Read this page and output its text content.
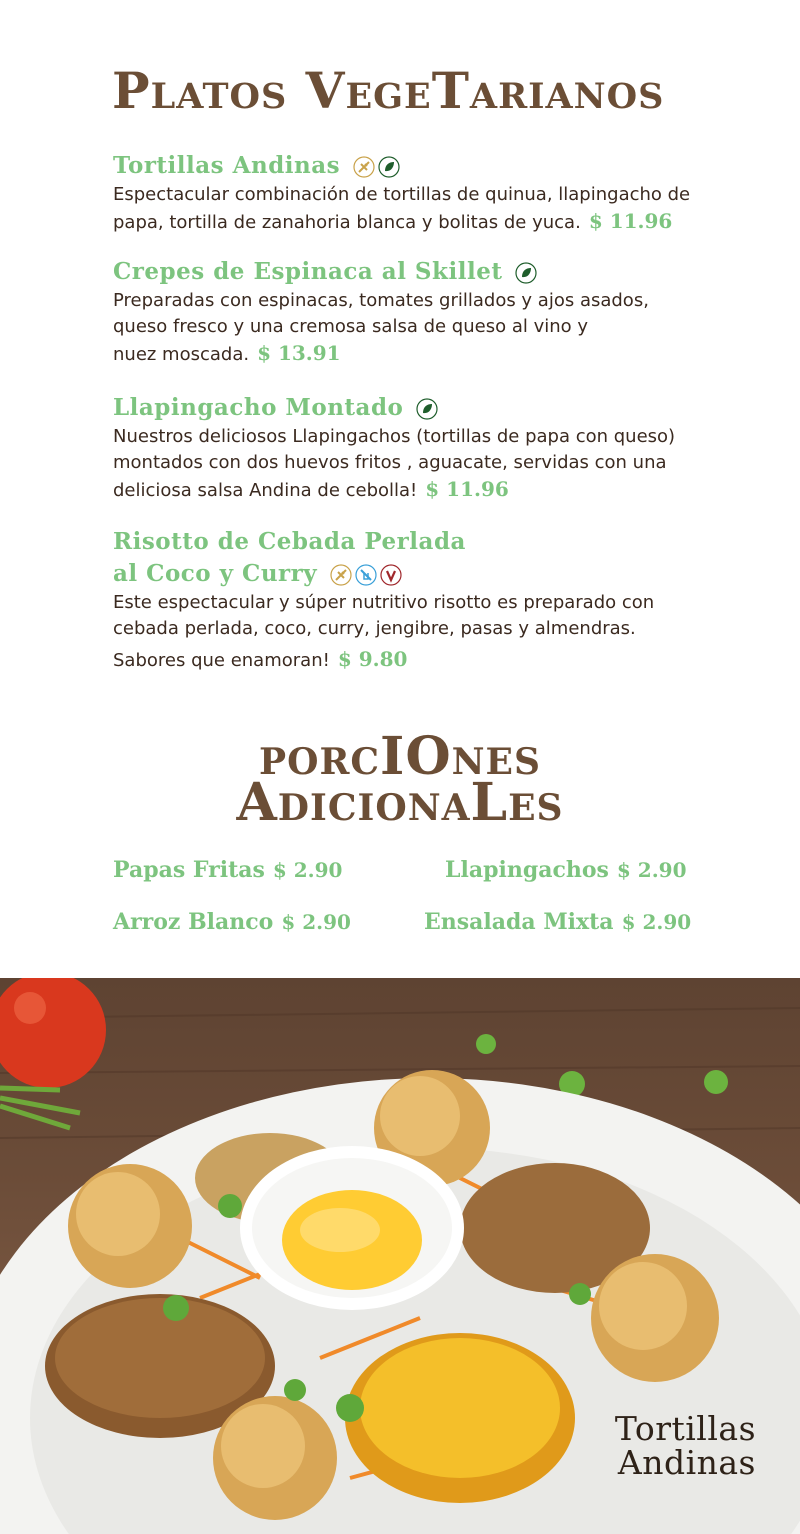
Platos VegeTarianos
Tortillas Andinas
Espectacular combinación de tortillas de quinua, llapingacho de
papa, tortilla de zanahoria blanca y bolitas de yuca. $ 11.96
Crepes de Espinaca al Skillet
Preparadas con espinacas, tomates grillados y ajos asados,
queso fresco y una cremosa salsa de queso al vino y
nuez moscada. $ 13.91
Llapingacho Montado
Nuestros deliciosos Llapingachos (tortillas de papa con queso)
montados con dos huevos fritos , aguacate, servidas con una
deliciosa salsa Andina de cebolla! $ 11.96
Risotto de Cebada Perlada
al Coco y Curry
Este espectacular y súper nutritivo risotto es preparado con
cebada perlada, coco, curry, jengibre, pasas y almendras.
Sabores que enamoran! $ 9.80
porcIOnes
AdicionaLes
Papas Fritas $ 2.90	Llapingachos $ 2.90
Arroz Blanco $ 2.90	Ensalada Mixta $ 2.90
Tortillas
Andinas
